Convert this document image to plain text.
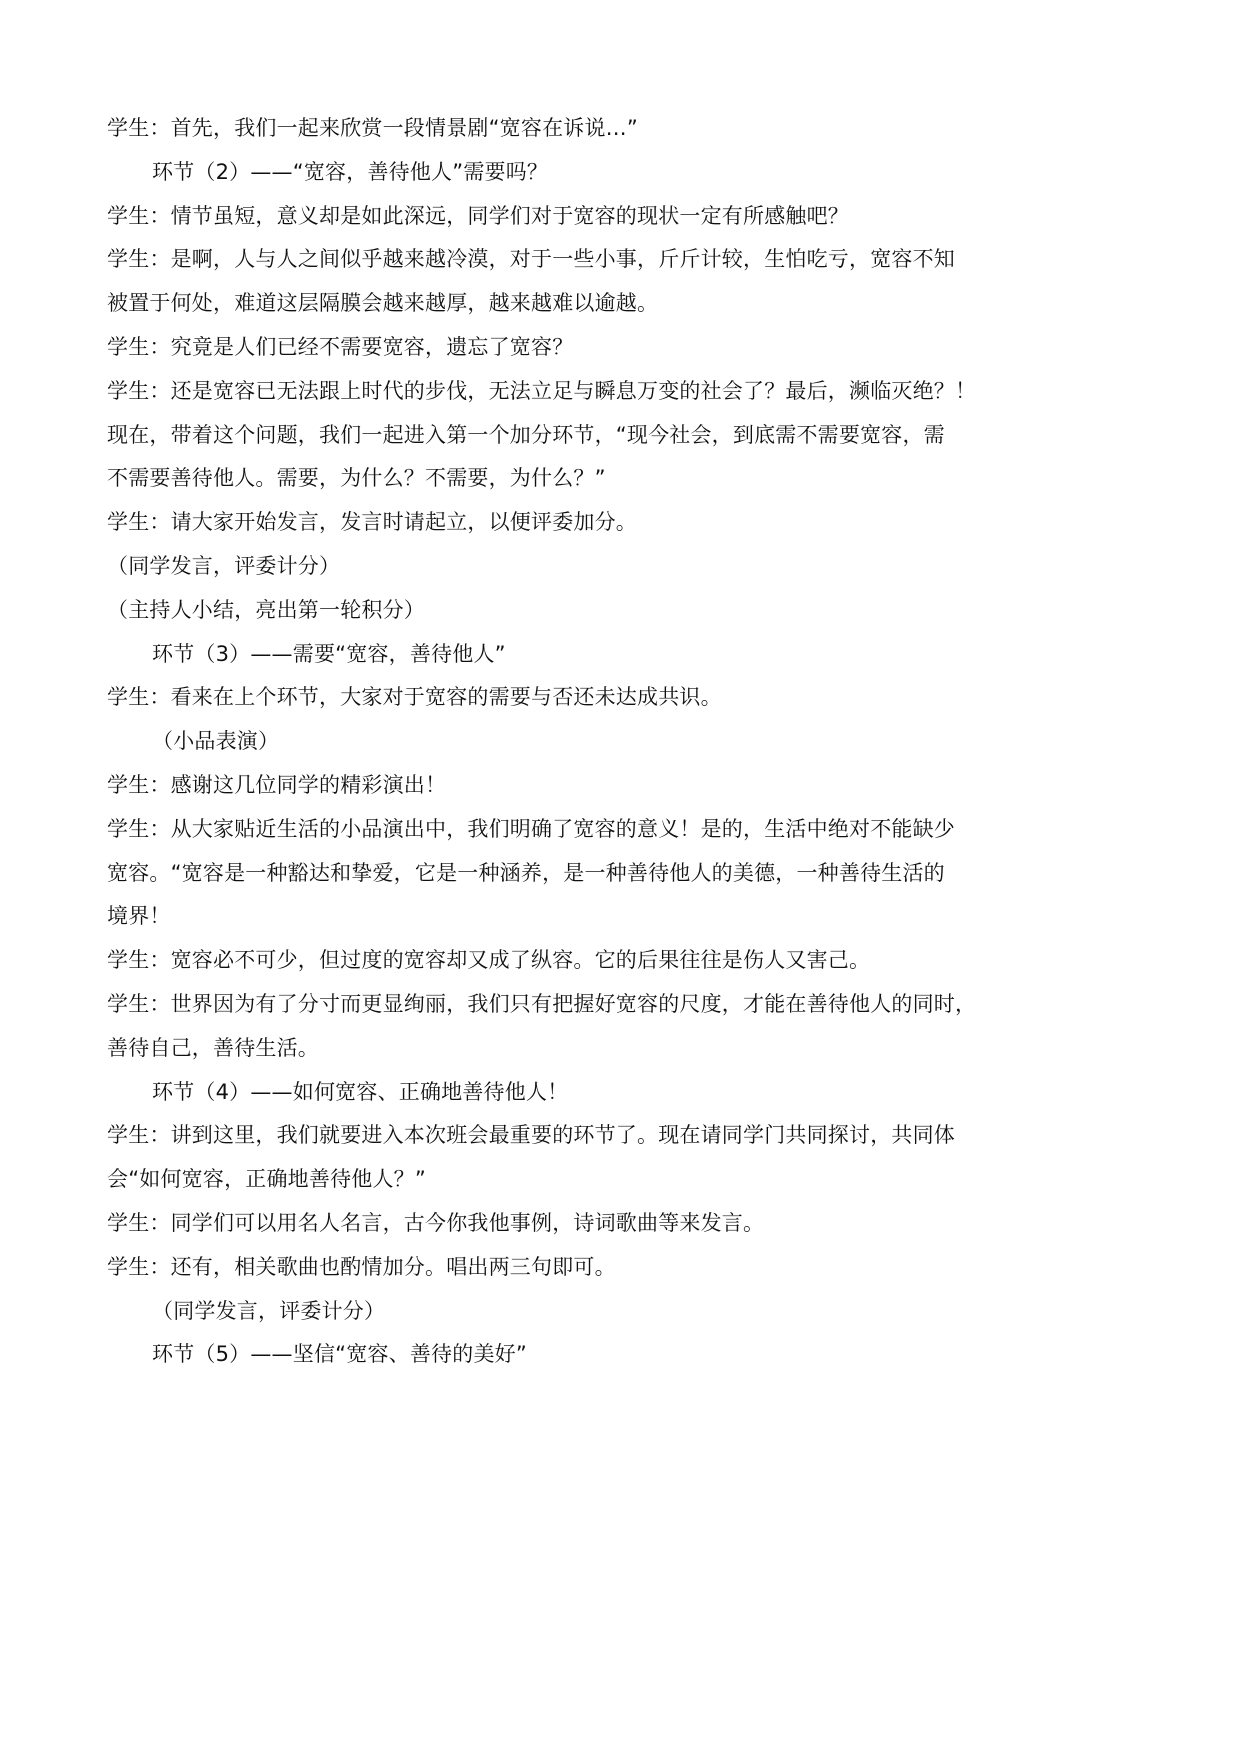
学生：首先，我们一起来欣赏一段情景剧“宽容在诉说…”
环节（2）——“宽容，善待他人”需要吗？
学生：情节虽短，意义却是如此深远，同学们对于宽容的现状一定有所感触吧？
学生：是啊，人与人之间似乎越来越冷漠，对于一些小事，斤斤计较，生怕吃亏，宽容不知
被置于何处，难道这层隔膜会越来越厚，越来越难以逾越。
学生：究竟是人们已经不需要宽容，遗忘了宽容？
学生：还是宽容已无法跟上时代的步伐，无法立足与瞬息万变的社会了？最后，濒临灭绝？！
现在，带着这个问题，我们一起进入第一个加分环节，“现今社会，到底需不需要宽容，需
不需要善待他人。需要，为什么？不需要，为什么？”
学生：请大家开始发言，发言时请起立，以便评委加分。
（同学发言，评委计分）
（主持人小结，亮出第一轮积分）
环节（3）——需要“宽容，善待他人”
学生：看来在上个环节，大家对于宽容的需要与否还未达成共识。
（小品表演）
学生：感谢这几位同学的精彩演出！
学生：从大家贴近生活的小品演出中，我们明确了宽容的意义！是的，生活中绝对不能缺少
宽容。“宽容是一种豁达和挚爱，它是一种涵养，是一种善待他人的美德，一种善待生活的
境界！
学生：宽容必不可少，但过度的宽容却又成了纵容。它的后果往往是伤人又害己。
学生：世界因为有了分寸而更显绚丽，我们只有把握好宽容的尺度，才能在善待他人的同时，
善待自己，善待生活。
环节（4）——如何宽容、正确地善待他人！
学生：讲到这里，我们就要进入本次班会最重要的环节了。现在请同学门共同探讨，共同体
会“如何宽容，正确地善待他人？”
学生：同学们可以用名人名言，古今你我他事例，诗词歌曲等来发言。
学生：还有，相关歌曲也酌情加分。唱出两三句即可。
（同学发言，评委计分）
环节（5）——坚信“宽容、善待的美好”
